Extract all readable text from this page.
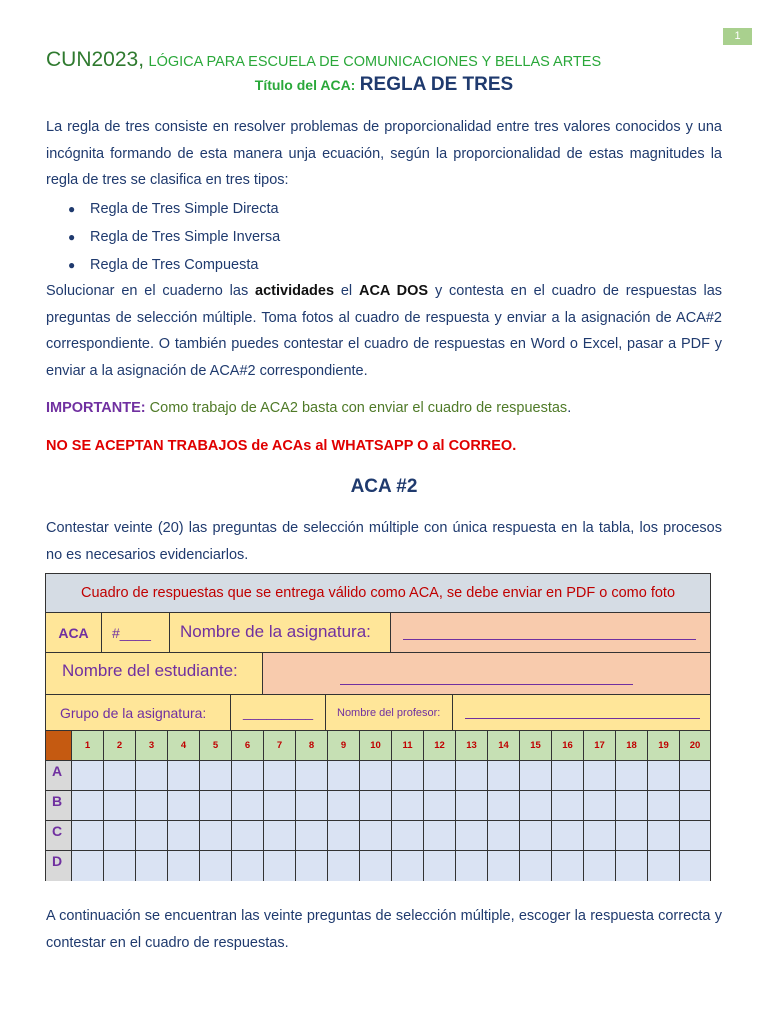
1
CUN2023, LÓGICA PARA ESCUELA DE COMUNICACIONES Y BELLAS ARTES
Título del ACA: REGLA DE TRES
La regla de tres consiste en resolver problemas de proporcionalidad entre tres valores conocidos y una incógnita formando de esta manera unja ecuación, según la proporcionalidad de estas magnitudes la regla de tres se clasifica en tres tipos:
● Regla de Tres Simple Directa
● Regla de Tres Simple Inversa
● Regla de Tres Compuesta
Solucionar en el cuaderno las actividades el ACA DOS y contesta en el cuadro de respuestas las preguntas de selección múltiple. Toma fotos al cuadro de respuesta y enviar a la asignación de ACA#2 correspondiente. O también puedes contestar el cuadro de respuestas en Word o Excel, pasar a PDF y enviar a la asignación de ACA#2 correspondiente.
IMPORTANTE: Como trabajo de ACA2 basta con enviar el cuadro de respuestas.
NO SE ACEPTAN TRABAJOS de ACAs al WHATSAPP O al CORREO.
ACA #2
Contestar veinte (20) las preguntas de selección múltiple con única respuesta en la tabla, los procesos no es necesarios evidenciarlos.
Cuadro de respuestas que se entrega válido como ACA, se debe enviar en PDF o como foto
ACA	#____	Nombre de la asignatura:
Nombre del estudiante:
Grupo de la asignatura:	_________	Nombre del profesor:
1	2	3	4	5	6	7	8	9	10	11	12	13	14	15	16	17	18	19	20
A
B
C
D
A continuación se encuentran las veinte preguntas de selección múltiple, escoger la respuesta correcta y contestar en el cuadro de respuestas.
